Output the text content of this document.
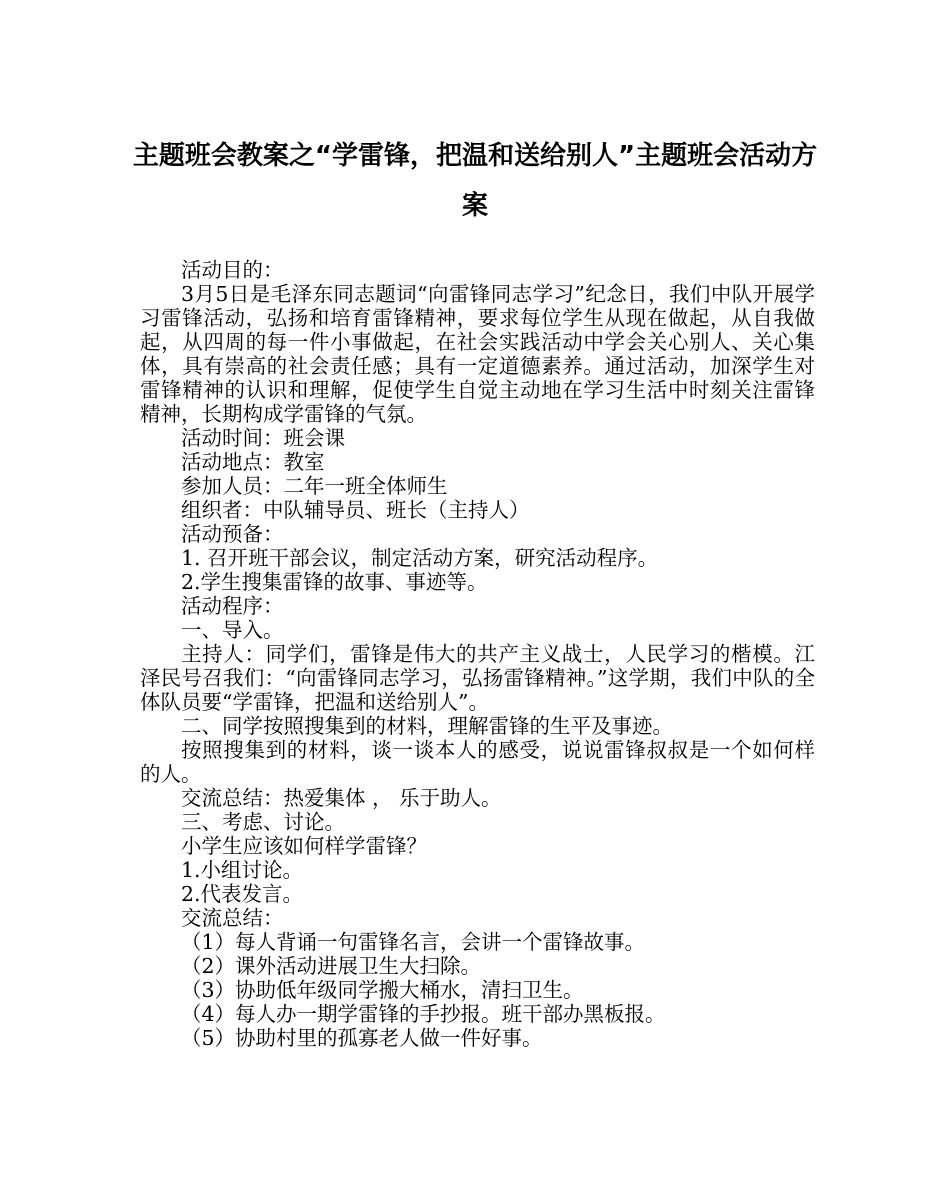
主题班会教案之“学雷锋，把温和送给别人”主题班会活动方案

活动目的：

3月5日是毛泽东同志题词“向雷锋同志学习”纪念日，我们中队开展学习雷锋活动，弘扬和培育雷锋精神，要求每位学生从现在做起，从自我做起，从四周的每一件小事做起，在社会实践活动中学会关心别人、关心集体，具有崇高的社会责任感；具有一定道德素养。通过活动，加深学生对雷锋精神的认识和理解，促使学生自觉主动地在学习生活中时刻关注雷锋精神，长期构成学雷锋的气氛。

活动时间：班会课

活动地点：教室

参加人员：二年一班全体师生

组织者：中队辅导员、班长（主持人）

活动预备：

1. 召开班干部会议，制定活动方案，研究活动程序。

2.学生搜集雷锋的故事、事迹等。

活动程序：

一、导入。

主持人：同学们，雷锋是伟大的共产主义战士，人民学习的楷模。江泽民号召我们：“向雷锋同志学习，弘扬雷锋精神。”这学期，我们中队的全体队员要“学雷锋，把温和送给别人”。

二、同学按照搜集到的材料，理解雷锋的生平及事迹。

按照搜集到的材料，谈一谈本人的感受，说说雷锋叔叔是一个如何样的人。

交流总结：热爱集体 ， 乐于助人。

三、考虑、讨论。

小学生应该如何样学雷锋？

1.小组讨论。

2.代表发言。

交流总结：

（1）每人背诵一句雷锋名言，会讲一个雷锋故事。

（2）课外活动进展卫生大扫除。

（3）协助低年级同学搬大桶水，清扫卫生。

（4）每人办一期学雷锋的手抄报。班干部办黑板报。

（5）协助村里的孤寡老人做一件好事。
